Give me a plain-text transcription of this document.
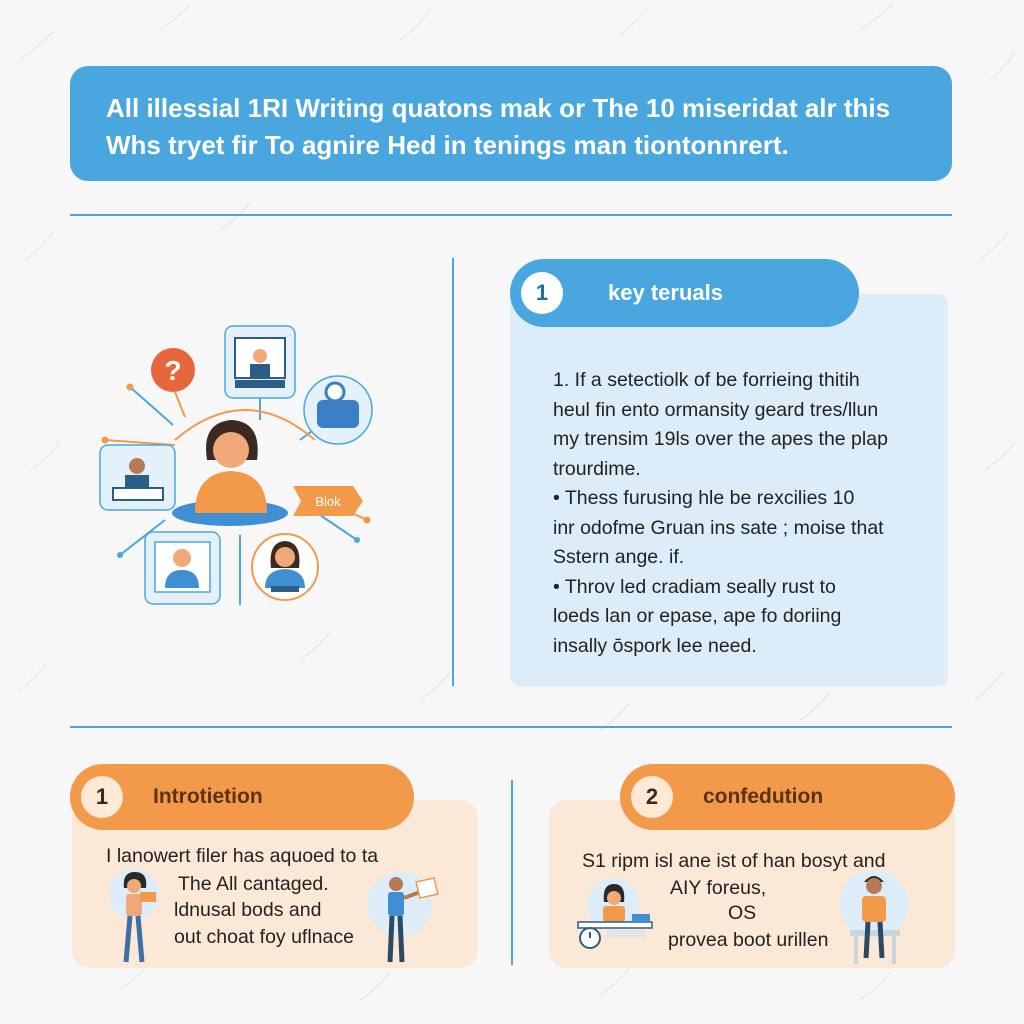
All illessial 1RI Writing quatons mak or The 10 miseridat alr this
Whs tryet fir To agnire Hed in tenings man tiontonnrert.
?
Blok
1	key teruals
1. If a setectiolk of be forrieing thitih
heul fin ento ormansity geard tres/llun
my trensim 19ls over the apes the plap
trourdime.
• Thess furusing hle be rexcilies 10
inr odofme Gruan ins sate ; moise that
Sstern ange. if.
• Throv led cradiam seally rust to
loeds lan or epase, ape fo doriing
insally ōspork lee need.
1	Introtietion
I lanowert filer has aquoed to ta
The All cantaged.
ldnusal bods and
out choat foy uflnace
2	confedution
S1 ripm isl ane ist of han bosyt and
AIY foreus,
OS
provea boot urillen
